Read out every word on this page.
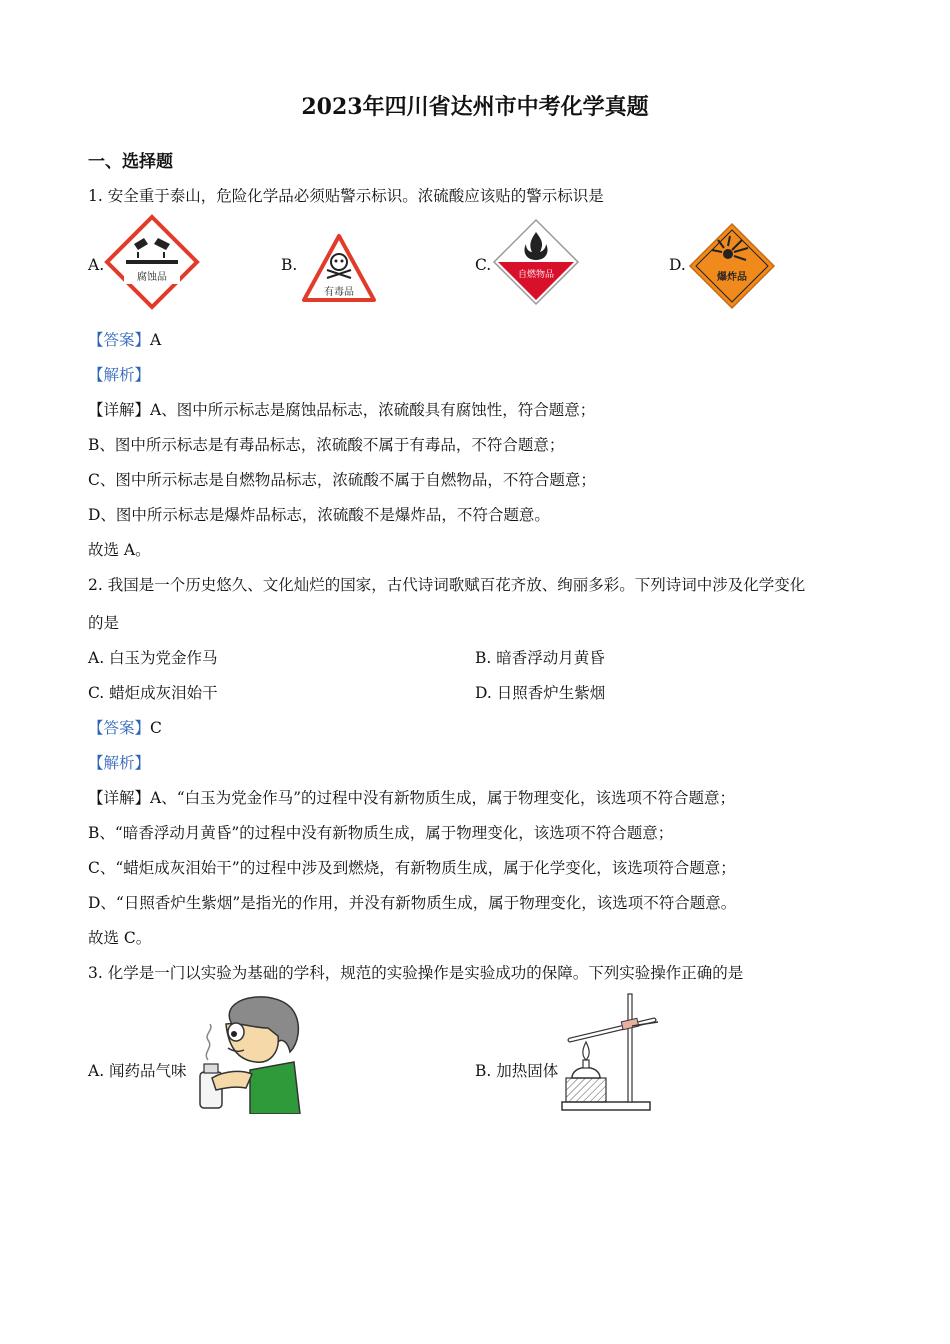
2023年四川省达州市中考化学真题
一、选择题
1. 安全重于泰山，危险化学品必须贴警示标识。浓硫酸应该贴的警示标识是
A.
腐蚀品
B.
有毒品
C.
自燃物品
D.
爆炸品
【答案】A
【解析】
【详解】A、图中所示标志是腐蚀品标志，浓硫酸具有腐蚀性，符合题意；
B、图中所示标志是有毒品标志，浓硫酸不属于有毒品，不符合题意；
C、图中所示标志是自燃物品标志，浓硫酸不属于自燃物品，不符合题意；
D、图中所示标志是爆炸品标志，浓硫酸不是爆炸品，不符合题意。
故选 A。
2. 我国是一个历史悠久、文化灿烂的国家，古代诗词歌赋百花齐放、绚丽多彩。下列诗词中涉及化学变化
的是
A. 白玉为党金作马	B. 暗香浮动月黄昏
C. 蜡炬成灰泪始干	D. 日照香炉生紫烟
【答案】C
【解析】
【详解】A、“白玉为党金作马”的过程中没有新物质生成，属于物理变化，该选项不符合题意；
B、“暗香浮动月黄昏”的过程中没有新物质生成，属于物理变化，该选项不符合题意；
C、“蜡炬成灰泪始干”的过程中涉及到燃烧，有新物质生成，属于化学变化，该选项符合题意；
D、“日照香炉生紫烟”是指光的作用，并没有新物质生成，属于物理变化，该选项不符合题意。
故选 C。
3. 化学是一门以实验为基础的学科，规范的实验操作是实验成功的保障。下列实验操作正确的是
A. 闻药品气味	B. 加热固体
